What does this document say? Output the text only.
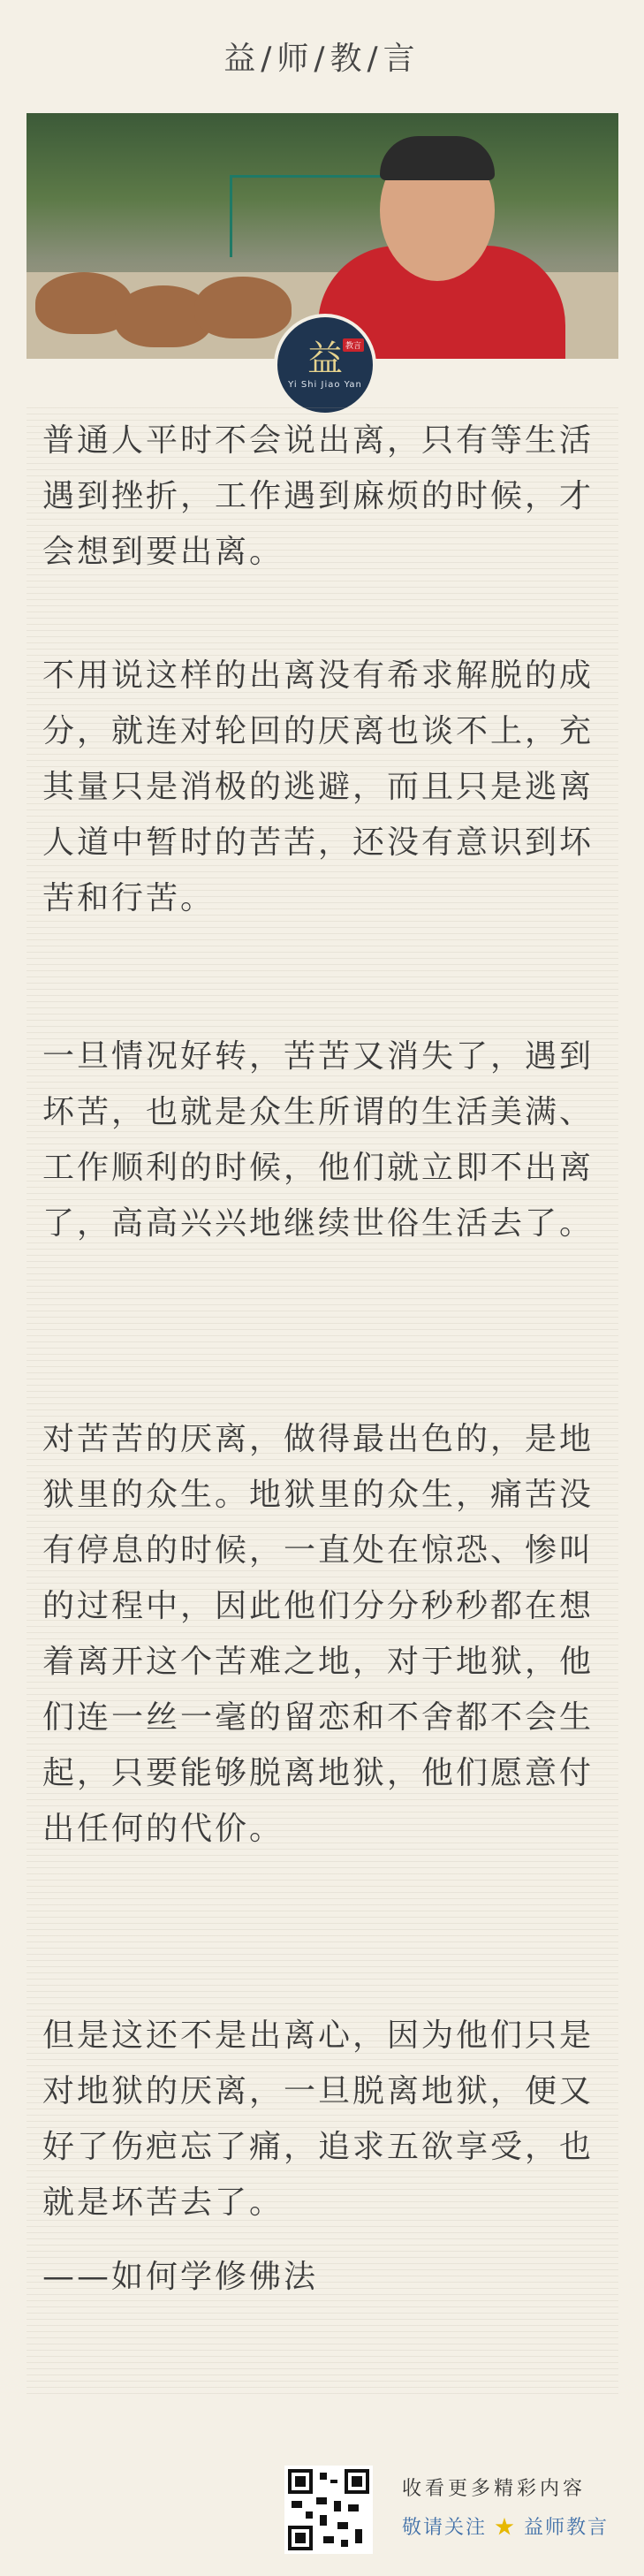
益/师/教/言
教言
益
Yi Shi Jiao Yan

普通人平时不会说出离，只有等生活遇到挫折，工作遇到麻烦的时候，才会想到要出离。

不用说这样的出离没有希求解脱的成分，就连对轮回的厌离也谈不上，充其量只是消极的逃避，而且只是逃离人道中暂时的苦苦，还没有意识到坏苦和行苦。

一旦情况好转，苦苦又消失了，遇到坏苦，也就是众生所谓的生活美满、工作顺利的时候，他们就立即不出离了，高高兴兴地继续世俗生活去了。

对苦苦的厌离，做得最出色的，是地狱里的众生。地狱里的众生，痛苦没有停息的时候，一直处在惊恐、惨叫的过程中，因此他们分分秒秒都在想着离开这个苦难之地，对于地狱，他们连一丝一毫的留恋和不舍都不会生起，只要能够脱离地狱，他们愿意付出任何的代价。

但是这还不是出离心，因为他们只是对地狱的厌离，一旦脱离地狱，便又好了伤疤忘了痛，追求五欲享受，也就是坏苦去了。

——如何学修佛法

收看更多精彩内容
敬请关注 ★ 益师教言
